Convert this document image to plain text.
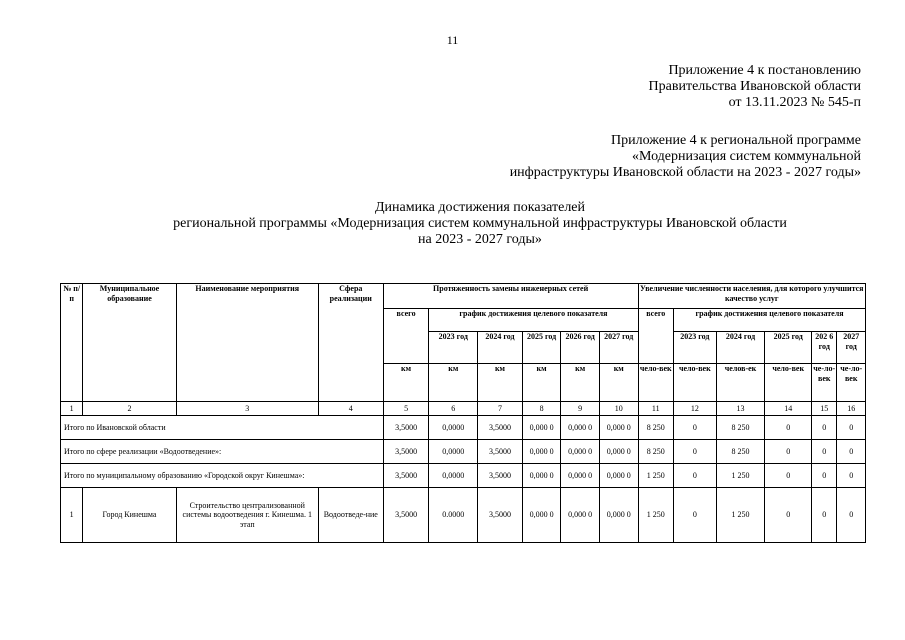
11
Приложение 4 к постановлению
Правительства Ивановской области
от 13.11.2023 № 545-п
Приложение 4 к региональной программе
«Модернизация систем коммунальной
инфраструктуры Ивановской области на 2023 - 2027 годы»
Динамика достижения показателей
региональной программы «Модернизация систем коммунальной инфраструктуры Ивановской области
на 2023 - 2027 годы»
№ п/ п	Муниципальное образование	Наименование мероприятия	Сфера реализации	Протяженность замены инженерных сетей						Увеличение численности населения, для которого улучшится качество услуг					
				всего	график достижения целевого показателя					всего	график достижения целевого показателя				
					2023 год	2024 год	2025 год	2026 год	2027 год		2023 год	2024 год	2025 год	202 6 год	2027 год
				км	км	км	км	км	км	чело-век	чело-век	челов-ек	чело-век	че-ло-век	че-ло-век
1	2	3	4	5	6	7	8	9	10	11	12	13	14	15	16
Итого по Ивановской области				3,5000	0,0000	3,5000	0,000 0	0,000 0	0,000 0	8 250	0	8 250	0	0	0
Итого по сфере реализации «Водоотведение»:				3,5000	0,0000	3,5000	0,000 0	0,000 0	0,000 0	8 250	0	8 250	0	0	0
Итого по муниципальному образованию «Городской округ Кинешма»:				3,5000	0,0000	3,5000	0,000 0	0,000 0	0,000 0	1 250	0	1 250	0	0	0
1	Город Кинешма	Строительство централизованной системы водоотведения г. Кинешма. 1 этап	Водоотведе-ние	3,5000	0.0000	3,5000	0,000 0	0,000 0	0,000 0	1 250	0	1 250	0	0	0
